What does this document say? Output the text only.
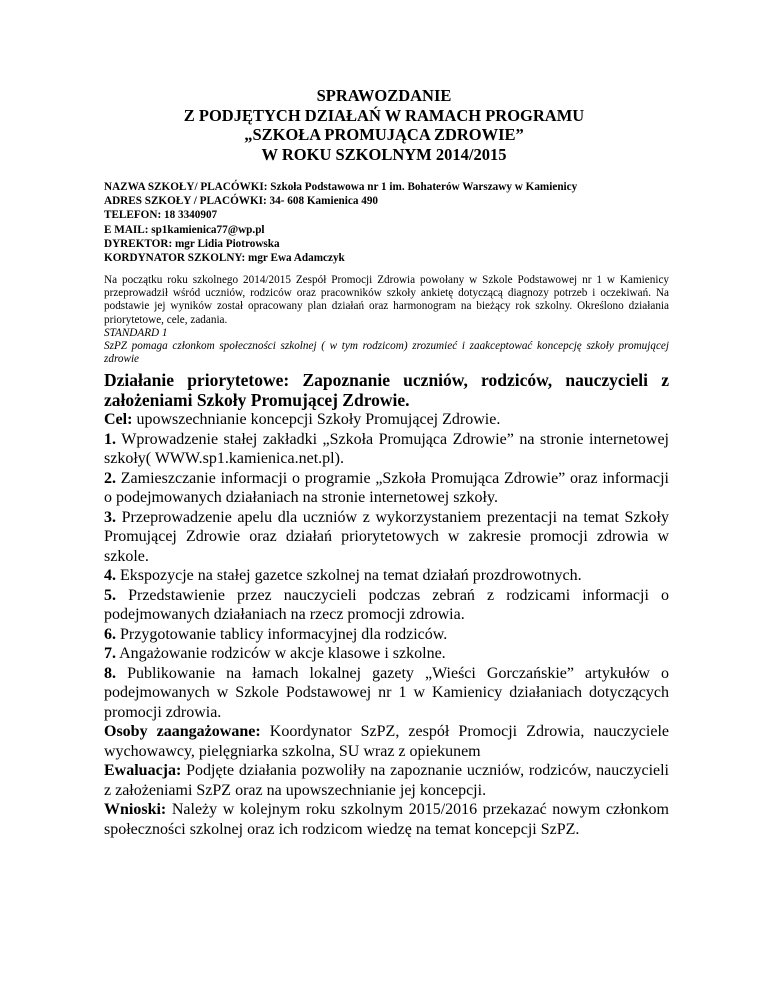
SPRAWOZDANIE
Z PODJĘTYCH DZIAŁAŃ W RAMACH PROGRAMU
„SZKOŁA PROMUJĄCA ZDROWIE”
W ROKU SZKOLNYM 2014/2015
NAZWA SZKOŁY/ PLACÓWKI: Szkoła Podstawowa nr 1 im. Bohaterów Warszawy w Kamienicy
ADRES SZKOŁY / PLACÓWKI: 34- 608 Kamienica 490
TELEFON: 18 3340907
E MAIL: sp1kamienica77@wp.pl
DYREKTOR: mgr Lidia Piotrowska
KORDYNATOR SZKOLNY: mgr Ewa Adamczyk

Na początku roku szkolnego 2014/2015 Zespół Promocji Zdrowia powołany w Szkole Podstawowej nr 1 w Kamienicy przeprowadził wśród uczniów, rodziców oraz pracowników szkoły ankietę dotyczącą diagnozy potrzeb i oczekiwań. Na podstawie jej wyników został opracowany plan działań oraz harmonogram na bieżący rok szkolny. Określono działania priorytetowe, cele, zadania.

STANDARD 1

SzPZ pomaga członkom społeczności szkolnej ( w tym rodzicom) zrozumieć i zaakceptować koncepcję szkoły promującej zdrowie

Działanie priorytetowe: Zapoznanie uczniów, rodziców, nauczycieli z założeniami Szkoły Promującej Zdrowie.

Cel: upowszechnianie koncepcji Szkoły Promującej Zdrowie.

1. Wprowadzenie stałej zakładki „Szkoła Promująca Zdrowie” na stronie internetowej szkoły( WWW.sp1.kamienica.net.pl).

2. Zamieszczanie informacji o programie „Szkoła Promująca Zdrowie” oraz informacji o podejmowanych działaniach na stronie internetowej szkoły.

3. Przeprowadzenie apelu dla uczniów z wykorzystaniem prezentacji na temat Szkoły Promującej Zdrowie oraz działań priorytetowych w zakresie promocji zdrowia w szkole.

4. Ekspozycje na stałej gazetce szkolnej na temat działań prozdrowotnych.

5. Przedstawienie przez nauczycieli podczas zebrań z rodzicami informacji o podejmowanych działaniach na rzecz promocji zdrowia.

6. Przygotowanie tablicy informacyjnej dla rodziców.

7. Angażowanie rodziców w akcje klasowe i szkolne.

8. Publikowanie na łamach lokalnej gazety „Wieści Gorczańskie” artykułów o podejmowanych w Szkole Podstawowej nr 1 w Kamienicy działaniach dotyczących promocji zdrowia.

Osoby zaangażowane: Koordynator SzPZ, zespół Promocji Zdrowia, nauczyciele wychowawcy, pielęgniarka szkolna, SU wraz z opiekunem

Ewaluacja: Podjęte działania pozwoliły na zapoznanie uczniów, rodziców, nauczycieli z założeniami SzPZ oraz na upowszechnianie jej koncepcji.

Wnioski: Należy w kolejnym roku szkolnym 2015/2016 przekazać nowym członkom społeczności szkolnej oraz ich rodzicom wiedzę na temat koncepcji SzPZ.
